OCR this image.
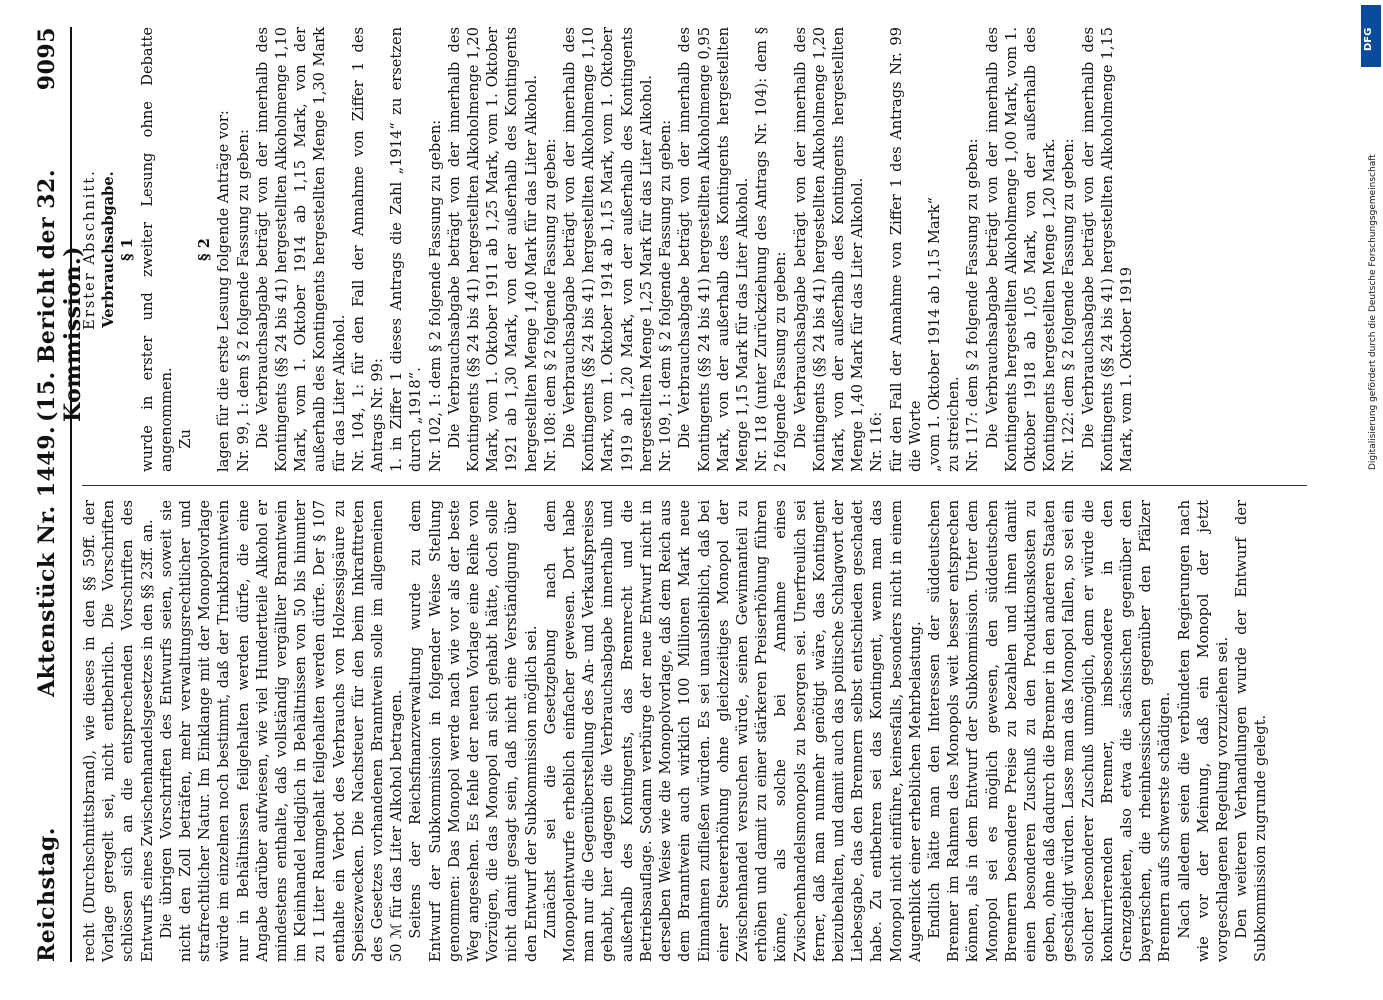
Reichstag.
Aktenstück Nr. 1449.
(15. Bericht der 32. Kommission.)
9095

recht (Durchschnittsbrand), wie dieses in den §§ 59ff. der Vorlage geregelt sei, nicht entbehrlich. Die Vorschriften schlössen sich an die entsprechenden Vorschriften des Entwurfs eines Zwischenhandelsgesetzes in den §§ 23ff. an. Die übrigen Vorschriften des Entwurfs seien, soweit sie nicht den Zoll beträfen, mehr verwaltungsrechtlicher und strafrechtlicher Natur. Im Einklange mit der Monopolvorlage würde im einzelnen noch bestimmt, daß der Trinkbranntwein nur in Behältnissen feilgehalten werden dürfe, die eine Angabe darüber aufwiesen, wie viel Hundertteile Alkohol er mindestens enthalte, daß vollständig vergällter Branntwein im Kleinhandel lediglich in Behältnissen von 50 bis hinunter zu 1 Liter Raumgehalt feilgehalten werden dürfe. Der § 107 enthalte ein Verbot des Verbrauchs von Holzessigsäure zu Speisezwecken. Die Nachsteuer für den beim Inkrafttreten des Gesetzes vorhandenen Branntwein solle im allgemeinen 50 ℳ für das Liter Alkohol betragen. Seitens der Reichsfinanzverwaltung wurde zu dem Entwurf der Subkommission in folgender Weise Stellung genommen: Das Monopol werde nach wie vor als der beste Weg angesehen. Es fehle der neuen Vorlage eine Reihe von Vorzügen, die das Monopol an sich gehabt hätte, doch solle nicht damit gesagt sein, daß nicht eine Verständigung über den Entwurf der Subkommission möglich sei. Zunächst sei die Gesetzgebung nach dem Monopolentwurfe erheblich einfacher gewesen. Dort habe man nur die Gegenüberstellung des An- und Verkaufspreises gehabt, hier dagegen die Verbrauchsabgabe innerhalb und außerhalb des Kontingents, das Brennrecht und die Betriebsauflage. Sodann verbürge der neue Entwurf nicht in derselben Weise wie die Monopolvorlage, daß dem Reich aus dem Branntwein auch wirklich 100 Millionen Mark neue Einnahmen zufließen würden. Es sei unausbleiblich, daß bei einer Steuererhöhung ohne gleichzeitiges Monopol der Zwischenhandel versuchen würde, seinen Gewinnanteil zu erhöhen und damit zu einer stärkeren Preiserhöhung führen könne, als solche bei Annahme eines Zwischenhandelsmonopols zu besorgen sei. Unerfreulich sei ferner, daß man nunmehr genötigt wäre, das Kontingent beizubehalten, und damit auch das politische Schlagwort der Liebesgabe, das den Brennern selbst entschieden geschadet habe. Zu entbehren sei das Kontingent, wenn man das Monopol nicht einführe, keinesfalls, besonders nicht in einem Augenblick einer erheblichen Mehrbelastung. Endlich hätte man den Interessen der süddeutschen Brenner im Rahmen des Monopols weit besser entsprechen können, als in dem Entwurf der Subkommission. Unter dem Monopol sei es möglich gewesen, den süddeutschen Brennern besondere Preise zu bezahlen und ihnen damit einen besonderen Zuschuß zu den Produktionskosten zu geben, ohne daß dadurch die Brenner in den anderen Staaten geschädigt würden. Lasse man das Monopol fallen, so sei ein solcher besonderer Zuschuß unmöglich, denn er würde die konkurrierenden Brenner, insbesondere in den Grenzgebieten, also etwa die sächsischen gegenüber den bayerischen, die rheinhessischen gegenüber den Pfälzer Brennern aufs schwerste schädigen. Nach alledem seien die verbündeten Regierungen nach wie vor der Meinung, daß ein Monopol der jetzt vorgeschlagenen Regelung vorzuziehen sei. Den weiteren Verhandlungen wurde der Entwurf der Subkommission zugrunde gelegt.

Erster Abschnitt. Verbrauchsabgabe. § 1 wurde in erster und zweiter Lesung ohne Debatte angenommen. Zu

§ 2 lagen für die erste Lesung folgende Anträge vor: Nr. 99, 1: dem § 2 folgende Fassung zu geben: Die Verbrauchsabgabe beträgt von der innerhalb des Kontingents (§§ 24 bis 41) hergestellten Alkoholmenge 1,10 Mark, vom 1. Oktober 1914 ab 1,15 Mark, von der außerhalb des Kontingents hergestellten Menge 1,30 Mark für das Liter Alkohol. Nr. 104, 1: für den Fall der Annahme von Ziffer 1 des Antrags Nr. 99: 1. in Ziffer 1 dieses Antrags die Zahl „1914“ zu ersetzen durch „1918“. Nr. 102, 1: dem § 2 folgende Fassung zu geben: Die Verbrauchsabgabe beträgt von der innerhalb des Kontingents (§§ 24 bis 41) hergestellten Alkoholmenge 1,20 Mark, vom 1. Oktober 1911 ab 1,25 Mark, vom 1. Oktober 1921 ab 1,30 Mark, von der außerhalb des Kontingents hergestellten Menge 1,40 Mark für das Liter Alkohol. Nr. 108: dem § 2 folgende Fassung zu geben: Die Verbrauchsabgabe beträgt von der innerhalb des Kontingents (§§ 24 bis 41) hergestellten Alkoholmenge 1,10 Mark, vom 1. Oktober 1914 ab 1,15 Mark, vom 1. Oktober 1919 ab 1,20 Mark, von der außerhalb des Kontingents hergestellten Menge 1,25 Mark für das Liter Alkohol. Nr. 109, 1: dem § 2 folgende Fassung zu geben: Die Verbrauchsabgabe beträgt von der innerhalb des Kontingents (§§ 24 bis 41) hergestellten Alkoholmenge 0,95 Mark, von der außerhalb des Kontingents hergestellten Menge 1,15 Mark für das Liter Alkohol. Nr. 118 (unter Zurückziehung des Antrags Nr. 104): dem § 2 folgende Fassung zu geben: Die Verbrauchsabgabe beträgt von der innerhalb des Kontingents (§§ 24 bis 41) hergestellten Alkoholmenge 1,20 Mark, von der außerhalb des Kontingents hergestellten Menge 1,40 Mark für das Liter Alkohol. Nr. 116: für den Fall der Annahme von Ziffer 1 des Antrags Nr. 99 die Worte „vom 1. Oktober 1914 ab 1,15 Mark“ zu streichen. Nr. 117: dem § 2 folgende Fassung zu geben: Die Verbrauchsabgabe beträgt von der innerhalb des Kontingents hergestellten Alkoholmenge 1,00 Mark, vom 1. Oktober 1918 ab 1,05 Mark, von der außerhalb des Kontingents hergestellten Menge 1,20 Mark. Nr. 122: dem § 2 folgende Fassung zu geben: Die Verbrauchsabgabe beträgt von der innerhalb des Kontingents (§§ 24 bis 41) hergestellten Alkoholmenge 1,15 Mark, vom 1. Oktober 1919	Digitalisierung gefördert durch die Deutsche Forschungsgemeinschaft
DFG
